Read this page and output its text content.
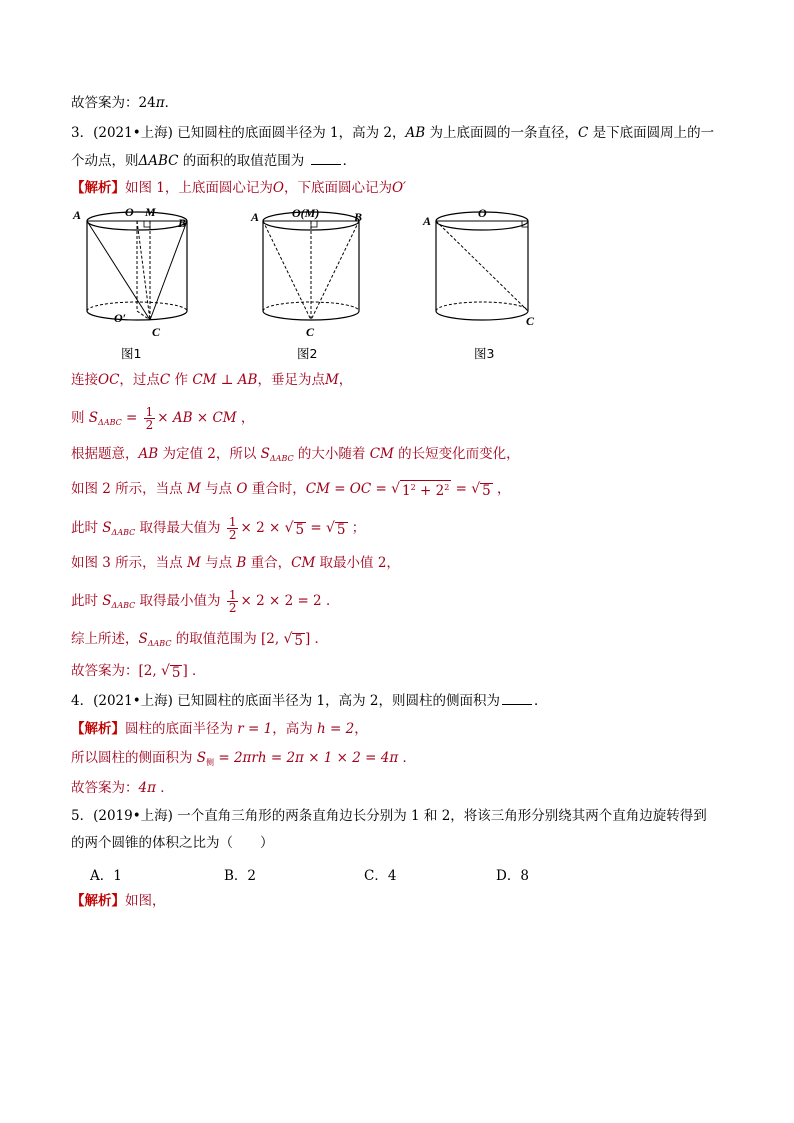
故答案为：24π．
3．(2021•上海) 已知圆柱的底面圆半径为 1，高为 2，AB 为上底面圆的一条直径，C 是下底面圆周上的一
个动点，则ΔABC 的面积的取值范围为	．
【解析】如图 1，上底面圆心记为O，下底面圆心记为O′
A	O M
B
O′
C
图1
A	O(M)	B
C
图2
A
O
C
图3
连接OC，过点C 作 CM ⊥ AB，垂足为点M，
则 $S_{\Delta ABC} = \frac{1}{2}$ × AB × CM ，
根据题意，AB 为定值 2，所以 $S_{\Delta ABC}$ 的大小随着 CM 的长短变化而变化，
如图 2 所示，当点 M 与点 O 重合时，CM = OC = √ $1^2 + 2^2$ = √ 5 ，
此时 $S_{\Delta ABC}$ 取得最大值为 $\frac{1}{2} \times 2$ × √ 5 = √ 5 ；
如图 3 所示，当点 M 与点 B 重合，CM 取最小值 2，
此时 $S_{\Delta ABC}$ 取得最小值为 $\frac{1}{2} \times 2 \times 2 = 2$ ．
综上所述，$S_{\Delta ABC}$ 的取值范围为 [2, √ 5 ] ．
故答案为：[2, √ 5 ] ．
4．(2021•上海) 已知圆柱的底面半径为 1，高为 2，则圆柱的侧面积为	．
【解析】圆柱的底面半径为 r = 1，高为 h = 2，
所以圆柱的侧面积为 $S_侧 = 2\pi rh = 2\pi \times 1 \times 2 = 4\pi$ ．
故答案为：4π ．
5．(2019•上海) 一个直角三角形的两条直角边长分别为 1 和 2，将该三角形分别绕其两个直角边旋转得到
的两个圆锥的体积之比为（　　）
A．1	B．2	C．4	D．8
【解析】如图，
